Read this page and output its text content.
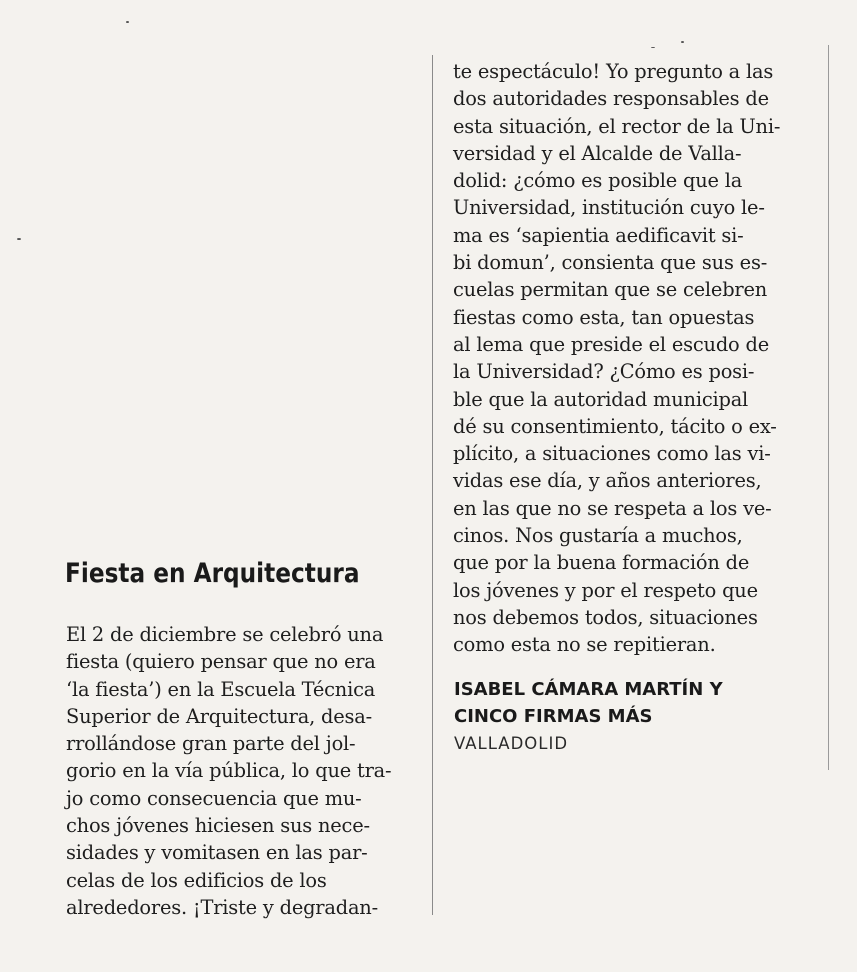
Fiesta en Arquitectura
El 2 de diciembre se celebró una
fiesta (quiero pensar que no era
‘la fiesta’) en la Escuela Técnica
Superior de Arquitectura, desa-
rrollándose gran parte del jol-
gorio en la vía pública, lo que tra-
jo como consecuencia que mu-
chos jóvenes hiciesen sus nece-
sidades y vomitasen en las par-
celas de los edificios de los
alrededores. ¡Triste y degradan-
te espectáculo! Yo pregunto a las
dos autoridades responsables de
esta situación, el rector de la Uni-
versidad y el Alcalde de Valla-
dolid: ¿cómo es posible que la
Universidad, institución cuyo le-
ma es ‘sapientia aedificavit si-
bi domun’, consienta que sus es-
cuelas permitan que se celebren
fiestas como esta, tan opuestas
al lema que preside el escudo de
la Universidad? ¿Cómo es posi-
ble que la autoridad municipal
dé su consentimiento, tácito o ex-
plícito, a situaciones como las vi-
vidas ese día, y años anteriores,
en las que no se respeta a los ve-
cinos. Nos gustaría a muchos,
que por la buena formación de
los jóvenes y por el respeto que
nos debemos todos, situaciones
como esta no se repitieran.
ISABEL CÁMARA MARTÍN Y
CINCO FIRMAS MÁS
VALLADOLID
